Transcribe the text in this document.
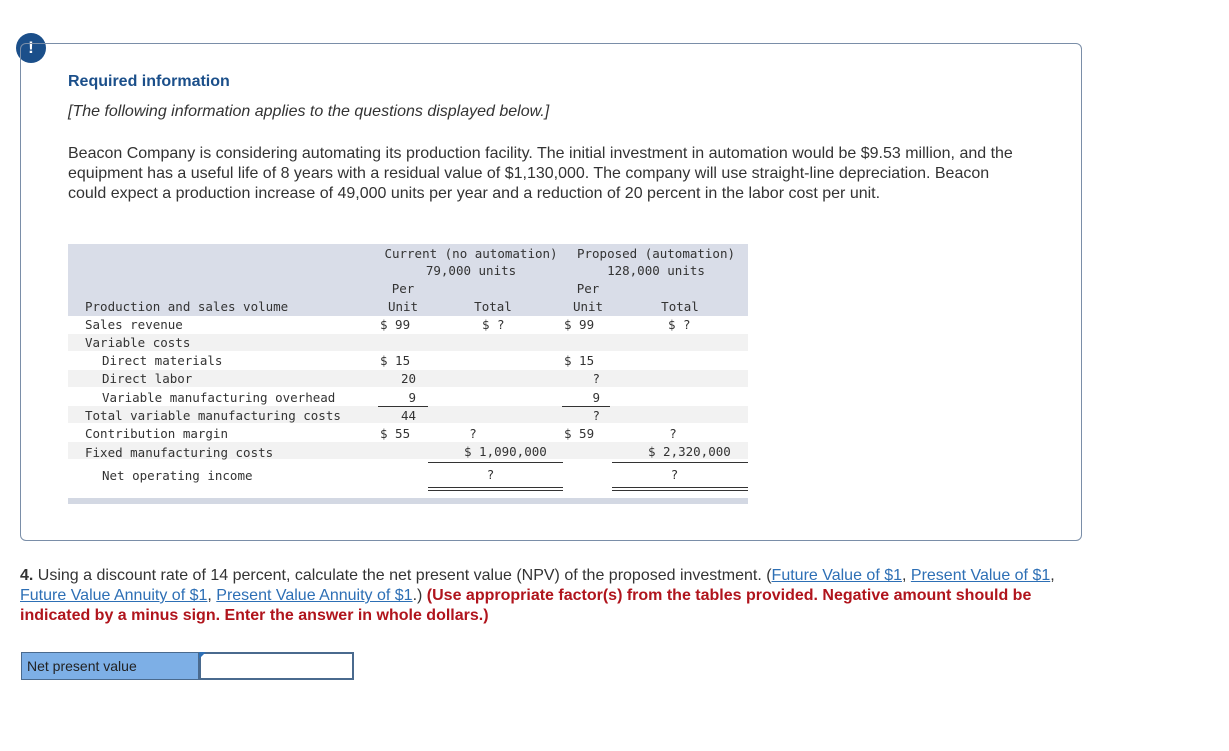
!
Required information
[The following information applies to the questions displayed below.]
Beacon Company is considering automating its production facility. The initial investment in automation would be $9.53 million, and the equipment has a useful life of 8 years with a residual value of $1,130,000. The company will use straight-line depreciation. Beacon could expect a production increase of 49,000 units per year and a reduction of 20 percent in the labor cost per unit.
Current (no automation)
79,000 units
Proposed (automation)
128,000 units
Per
Unit	Total
Per
Unit	Total
Production and sales volume
Sales revenue
Variable costs
Direct materials
Direct labor
Variable manufacturing overhead
Total variable manufacturing costs
Contribution margin
Fixed manufacturing costs
Net operating income
$ 99
$ 15
20
9
44
$ 55
$ ?
?
$ 1,090,000
?
$ 99
$ 15
?
9
?
$ 59
$ ?
?
$ 2,320,000
?
4. Using a discount rate of 14 percent, calculate the net present value (NPV) of the proposed investment. (Future Value of $1, Present Value of $1, Future Value Annuity of $1, Present Value Annuity of $1.) (Use appropriate factor(s) from the tables provided. Negative amount should be indicated by a minus sign. Enter the answer in whole dollars.)
Net present value
